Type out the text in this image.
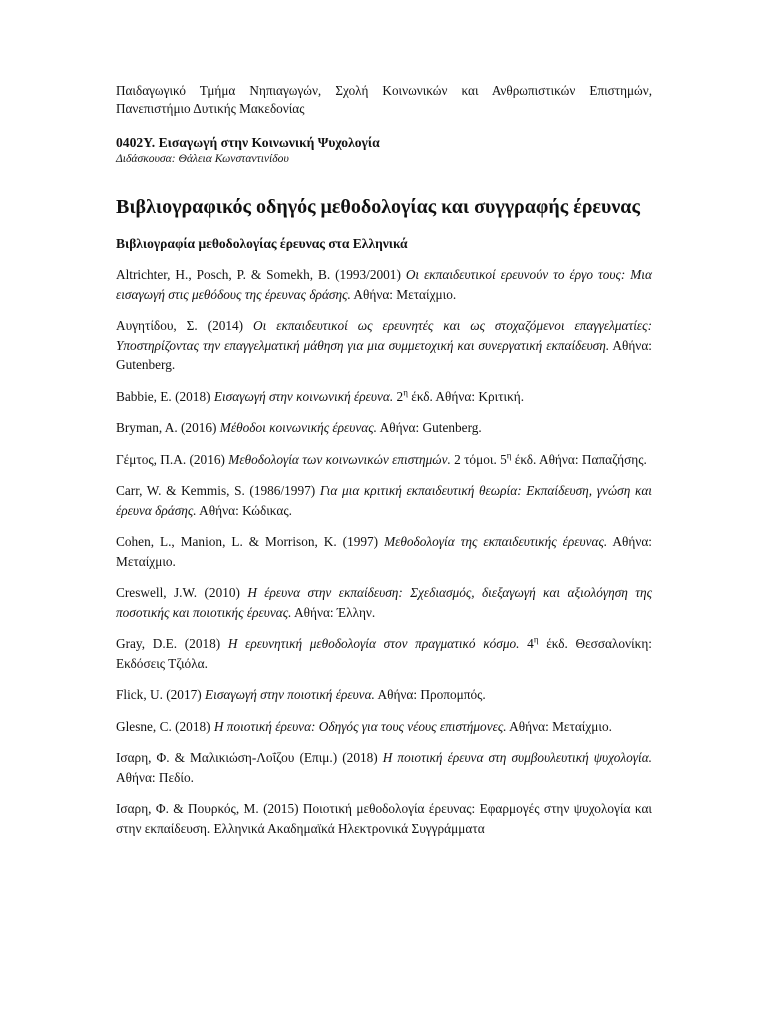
Παιδαγωγικό Τμήμα Νηπιαγωγών, Σχολή Κοινωνικών και Ανθρωπιστικών Επιστημών, Πανεπιστήμιο Δυτικής Μακεδονίας

0402Υ. Εισαγωγή στην Κοινωνική Ψυχολογία

Διδάσκουσα: Θάλεια Κωνσταντινίδου

Βιβλιογραφικός οδηγός μεθοδολογίας και συγγραφής έρευνας
Βιβλιογραφία μεθοδολογίας έρευνας στα Ελληνικά
Altrichter, H., Posch, P. & Somekh, B. (1993/2001) Οι εκπαιδευτικοί ερευνούν το έργο τους: Μια εισαγωγή στις μεθόδους της έρευνας δράσης. Αθήνα: Μεταίχμιο.
Αυγητίδου, Σ. (2014) Οι εκπαιδευτικοί ως ερευνητές και ως στοχαζόμενοι επαγγελματίες: Υποστηρίζοντας την επαγγελματική μάθηση για μια συμμετοχική και συνεργατική εκπαίδευση. Αθήνα: Gutenberg.
Babbie, E. (2018) Εισαγωγή στην κοινωνική έρευνα. $2^\eta$ έκδ. Αθήνα: Κριτική.
Bryman, A. (2016) Μέθοδοι κοινωνικής έρευνας. Αθήνα: Gutenberg.
Γέμτος, Π.Α. (2016) Μεθοδολογία των κοινωνικών επιστημών. 2 τόμοι. $5^\eta$ έκδ. Αθήνα: Παπαζήσης.
Carr, W. & Kemmis, S. (1986/1997) Για μια κριτική εκπαιδευτική θεωρία: Εκπαίδευση, γνώση και έρευνα δράσης. Αθήνα: Κώδικας.
Cohen, L., Manion, L. & Morrison, K. (1997) Μεθοδολογία της εκπαιδευτικής έρευνας. Αθήνα: Μεταίχμιο.
Creswell, J.W. (2010) Η έρευνα στην εκπαίδευση: Σχεδιασμός, διεξαγωγή και αξιολόγηση της ποσοτικής και ποιοτικής έρευνας. Αθήνα: Έλλην.
Gray, D.E. (2018) Η ερευνητική μεθοδολογία στον πραγματικό κόσμο. $4^\eta$ έκδ. Θεσσαλονίκη: Εκδόσεις Τζιόλα.
Flick, U. (2017) Εισαγωγή στην ποιοτική έρευνα. Αθήνα: Προπομπός.
Glesne, C. (2018) Η ποιοτική έρευνα: Οδηγός για τους νέους επιστήμονες. Αθήνα: Μεταίχμιο.
Ισαρη, Φ. & Μαλικιώση-Λοΐζου (Επιμ.) (2018) Η ποιοτική έρευνα στη συμβουλευτική ψυχολογία. Αθήνα: Πεδίο.
Ισαρη, Φ. & Πουρκός, Μ. (2015) Ποιοτική μεθοδολογία έρευνας: Εφαρμογές στην ψυχολογία και στην εκπαίδευση. Ελληνικά Ακαδημαϊκά Ηλεκτρονικά Συγγράμματα
